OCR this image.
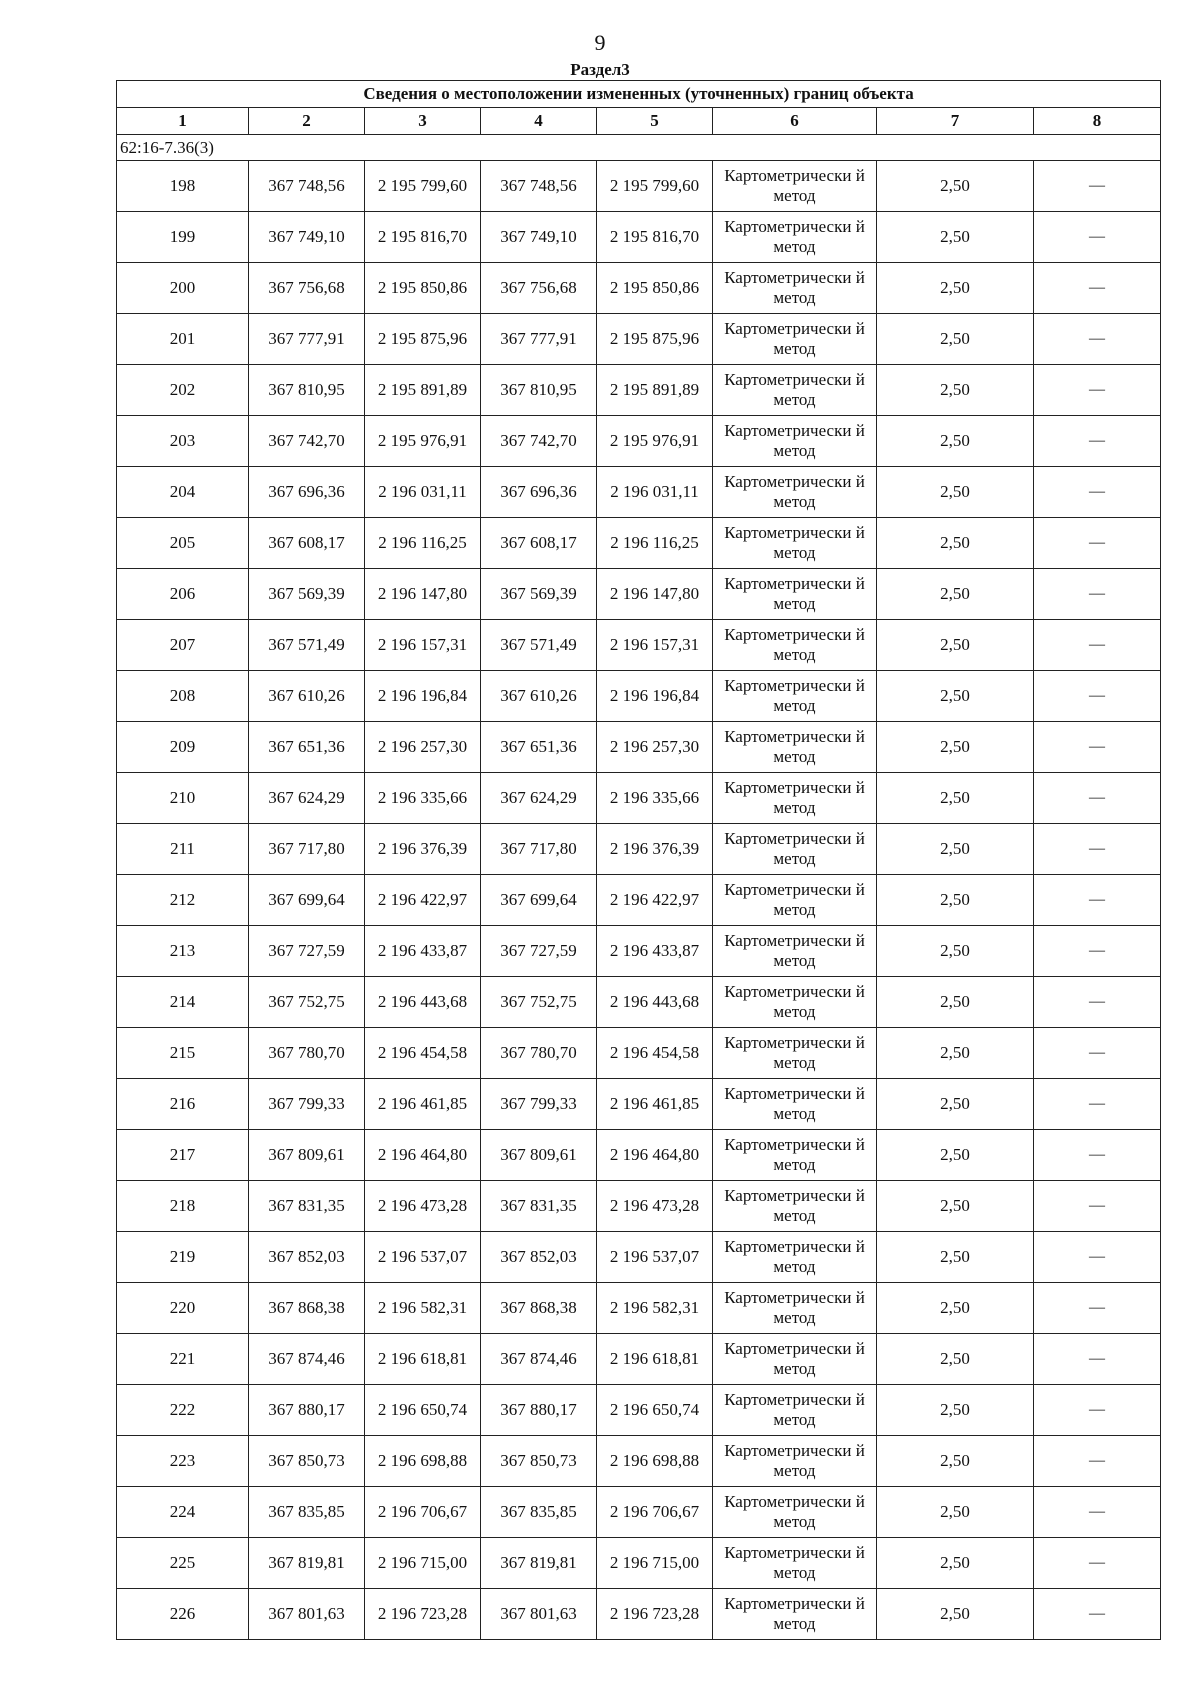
9
Раздел3
Сведения о местоположении измененных (уточненных) границ объекта							
1	2	3	4	5	6	7	8
62:16-7.36(3)							
198	367 748,56	2 195 799,60	367 748,56	2 195 799,60	Картометрически й метод	2,50	—
199	367 749,10	2 195 816,70	367 749,10	2 195 816,70	Картометрически й метод	2,50	—
200	367 756,68	2 195 850,86	367 756,68	2 195 850,86	Картометрически й метод	2,50	—
201	367 777,91	2 195 875,96	367 777,91	2 195 875,96	Картометрически й метод	2,50	—
202	367 810,95	2 195 891,89	367 810,95	2 195 891,89	Картометрически й метод	2,50	—
203	367 742,70	2 195 976,91	367 742,70	2 195 976,91	Картометрически й метод	2,50	—
204	367 696,36	2 196 031,11	367 696,36	2 196 031,11	Картометрически й метод	2,50	—
205	367 608,17	2 196 116,25	367 608,17	2 196 116,25	Картометрически й метод	2,50	—
206	367 569,39	2 196 147,80	367 569,39	2 196 147,80	Картометрически й метод	2,50	—
207	367 571,49	2 196 157,31	367 571,49	2 196 157,31	Картометрически й метод	2,50	—
208	367 610,26	2 196 196,84	367 610,26	2 196 196,84	Картометрически й метод	2,50	—
209	367 651,36	2 196 257,30	367 651,36	2 196 257,30	Картометрически й метод	2,50	—
210	367 624,29	2 196 335,66	367 624,29	2 196 335,66	Картометрически й метод	2,50	—
211	367 717,80	2 196 376,39	367 717,80	2 196 376,39	Картометрически й метод	2,50	—
212	367 699,64	2 196 422,97	367 699,64	2 196 422,97	Картометрически й метод	2,50	—
213	367 727,59	2 196 433,87	367 727,59	2 196 433,87	Картометрически й метод	2,50	—
214	367 752,75	2 196 443,68	367 752,75	2 196 443,68	Картометрически й метод	2,50	—
215	367 780,70	2 196 454,58	367 780,70	2 196 454,58	Картометрически й метод	2,50	—
216	367 799,33	2 196 461,85	367 799,33	2 196 461,85	Картометрически й метод	2,50	—
217	367 809,61	2 196 464,80	367 809,61	2 196 464,80	Картометрически й метод	2,50	—
218	367 831,35	2 196 473,28	367 831,35	2 196 473,28	Картометрически й метод	2,50	—
219	367 852,03	2 196 537,07	367 852,03	2 196 537,07	Картометрически й метод	2,50	—
220	367 868,38	2 196 582,31	367 868,38	2 196 582,31	Картометрически й метод	2,50	—
221	367 874,46	2 196 618,81	367 874,46	2 196 618,81	Картометрически й метод	2,50	—
222	367 880,17	2 196 650,74	367 880,17	2 196 650,74	Картометрически й метод	2,50	—
223	367 850,73	2 196 698,88	367 850,73	2 196 698,88	Картометрически й метод	2,50	—
224	367 835,85	2 196 706,67	367 835,85	2 196 706,67	Картометрически й метод	2,50	—
225	367 819,81	2 196 715,00	367 819,81	2 196 715,00	Картометрически й метод	2,50	—
226	367 801,63	2 196 723,28	367 801,63	2 196 723,28	Картометрически й метод	2,50	—
